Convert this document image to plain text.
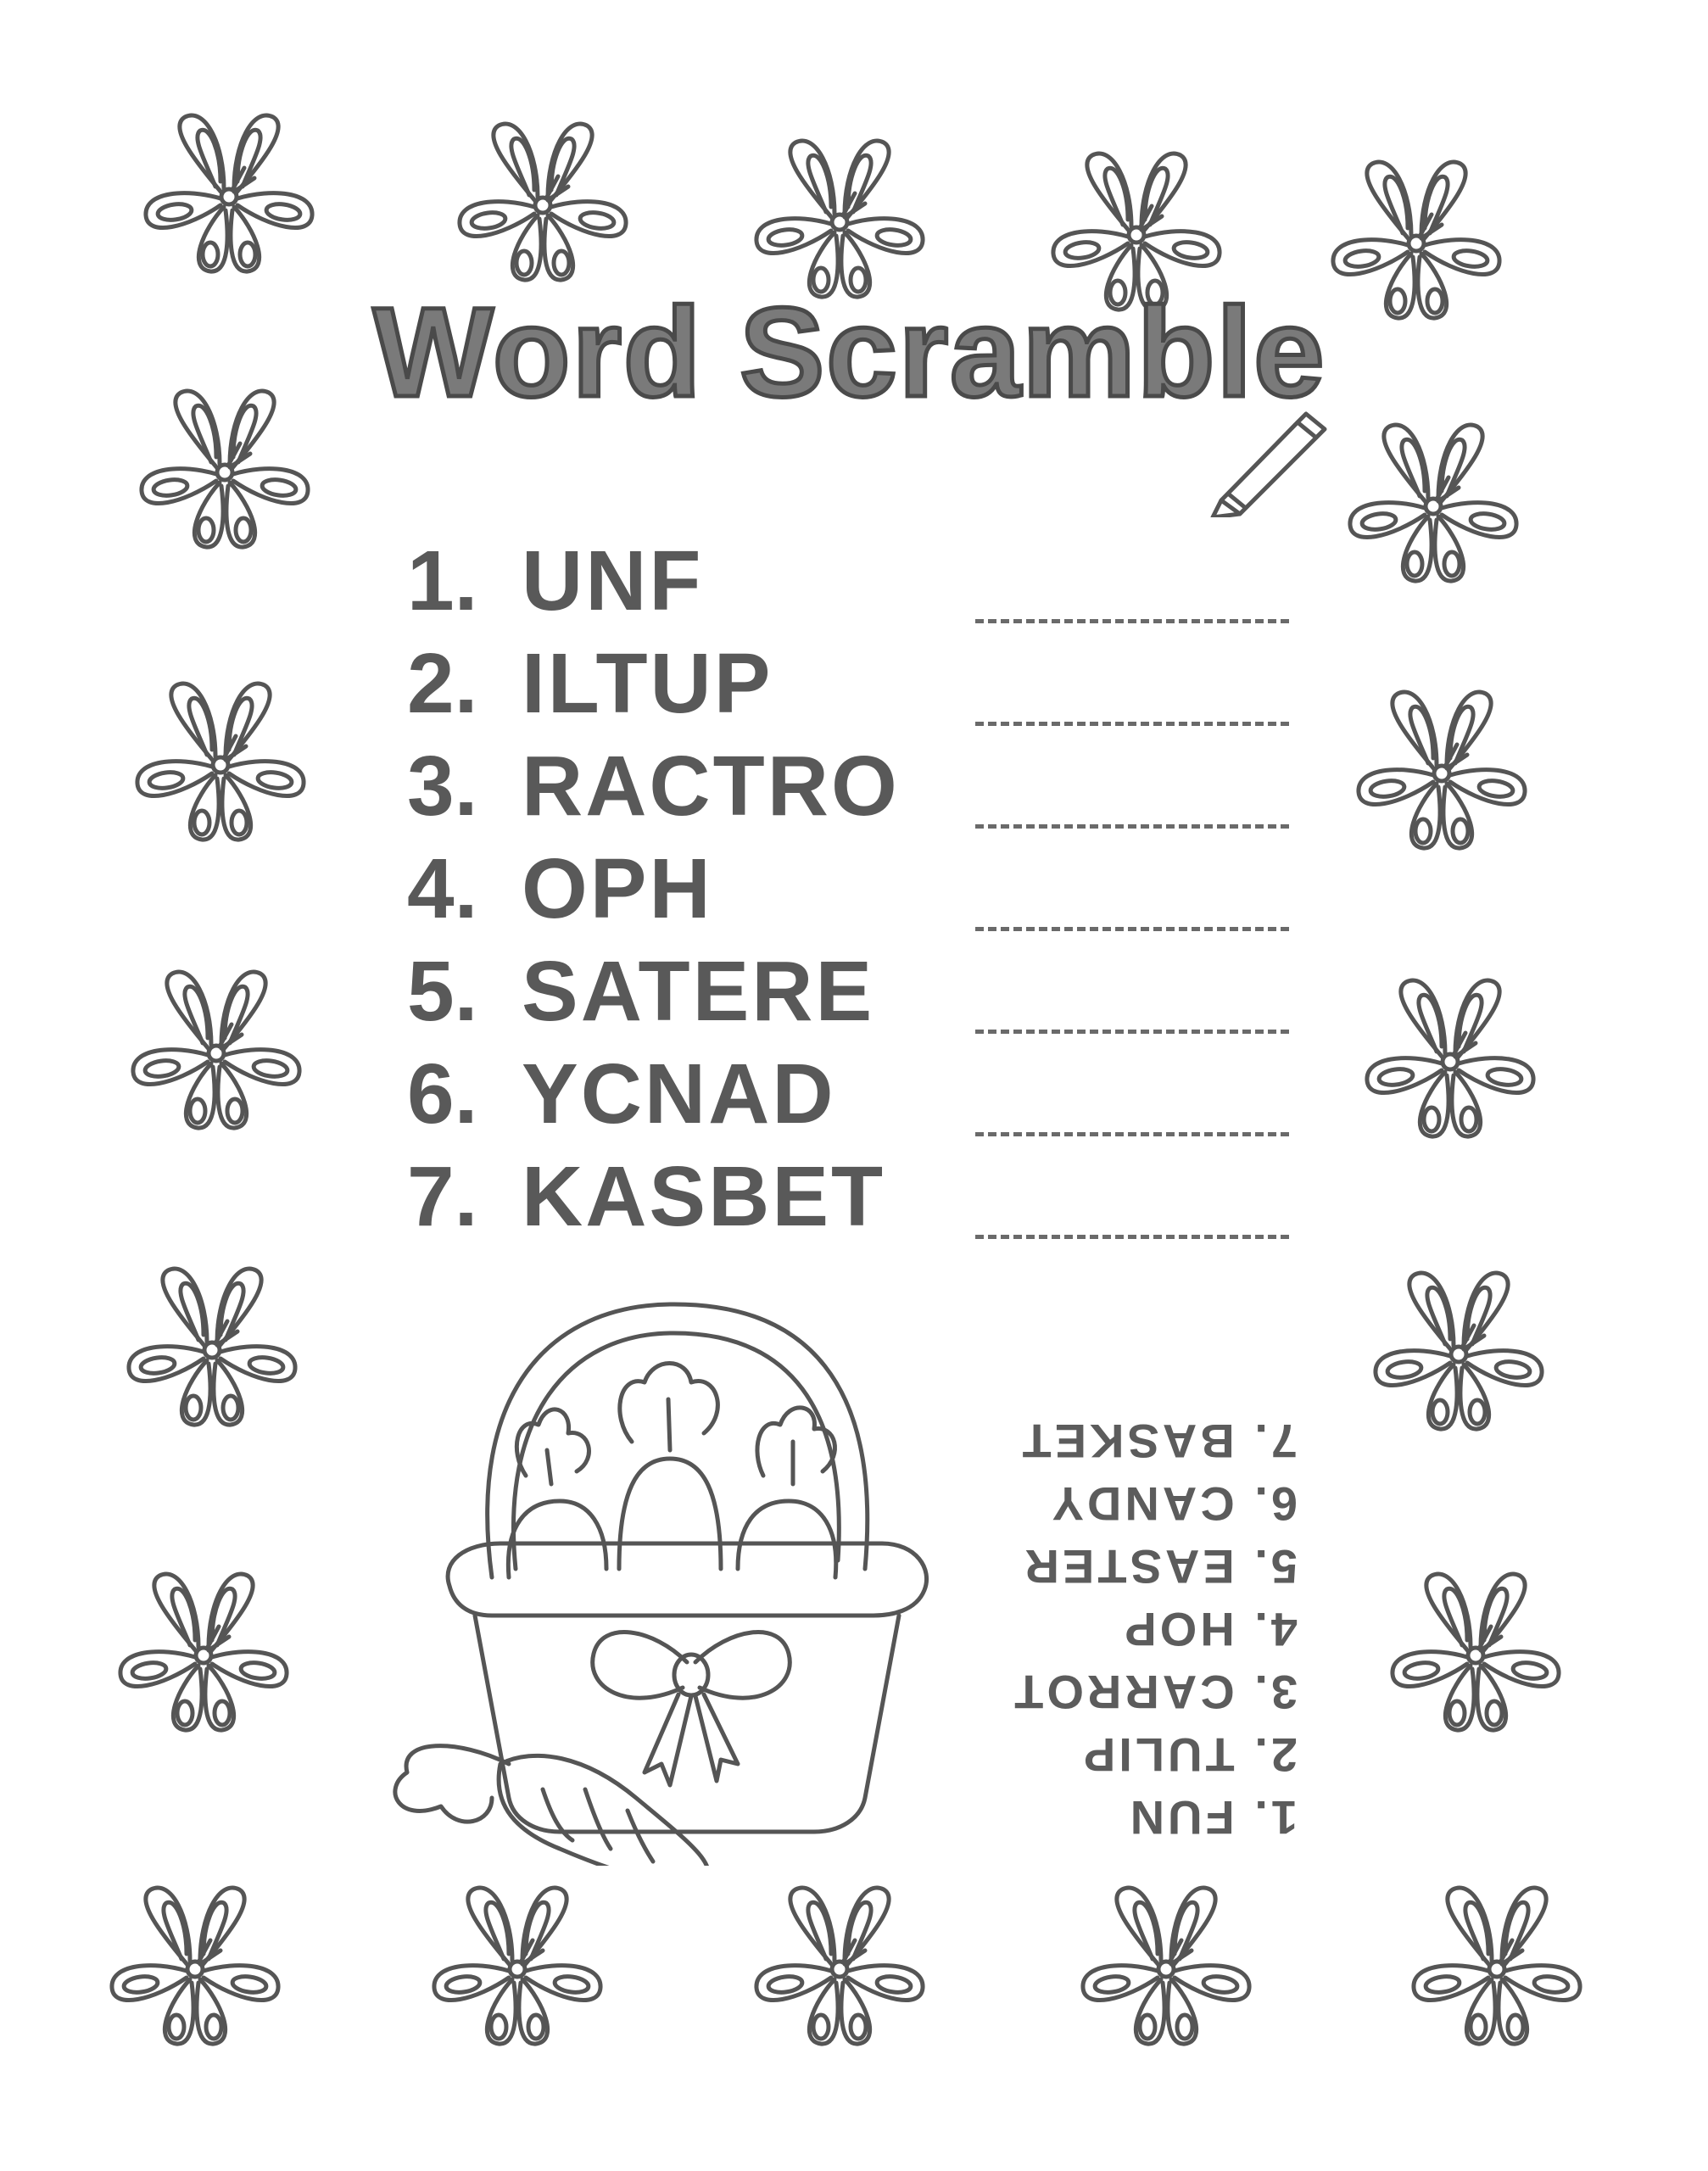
Word Scramble
1. UNF
2. ILTUP
3. RACTRO
4. OPH
5. SATERE
6. YCNAD
7. KASBET
1. FUN
2. TULIP
3. CARROT
4. HOP
5. EASTER
6. CANDY
7. BASKET
